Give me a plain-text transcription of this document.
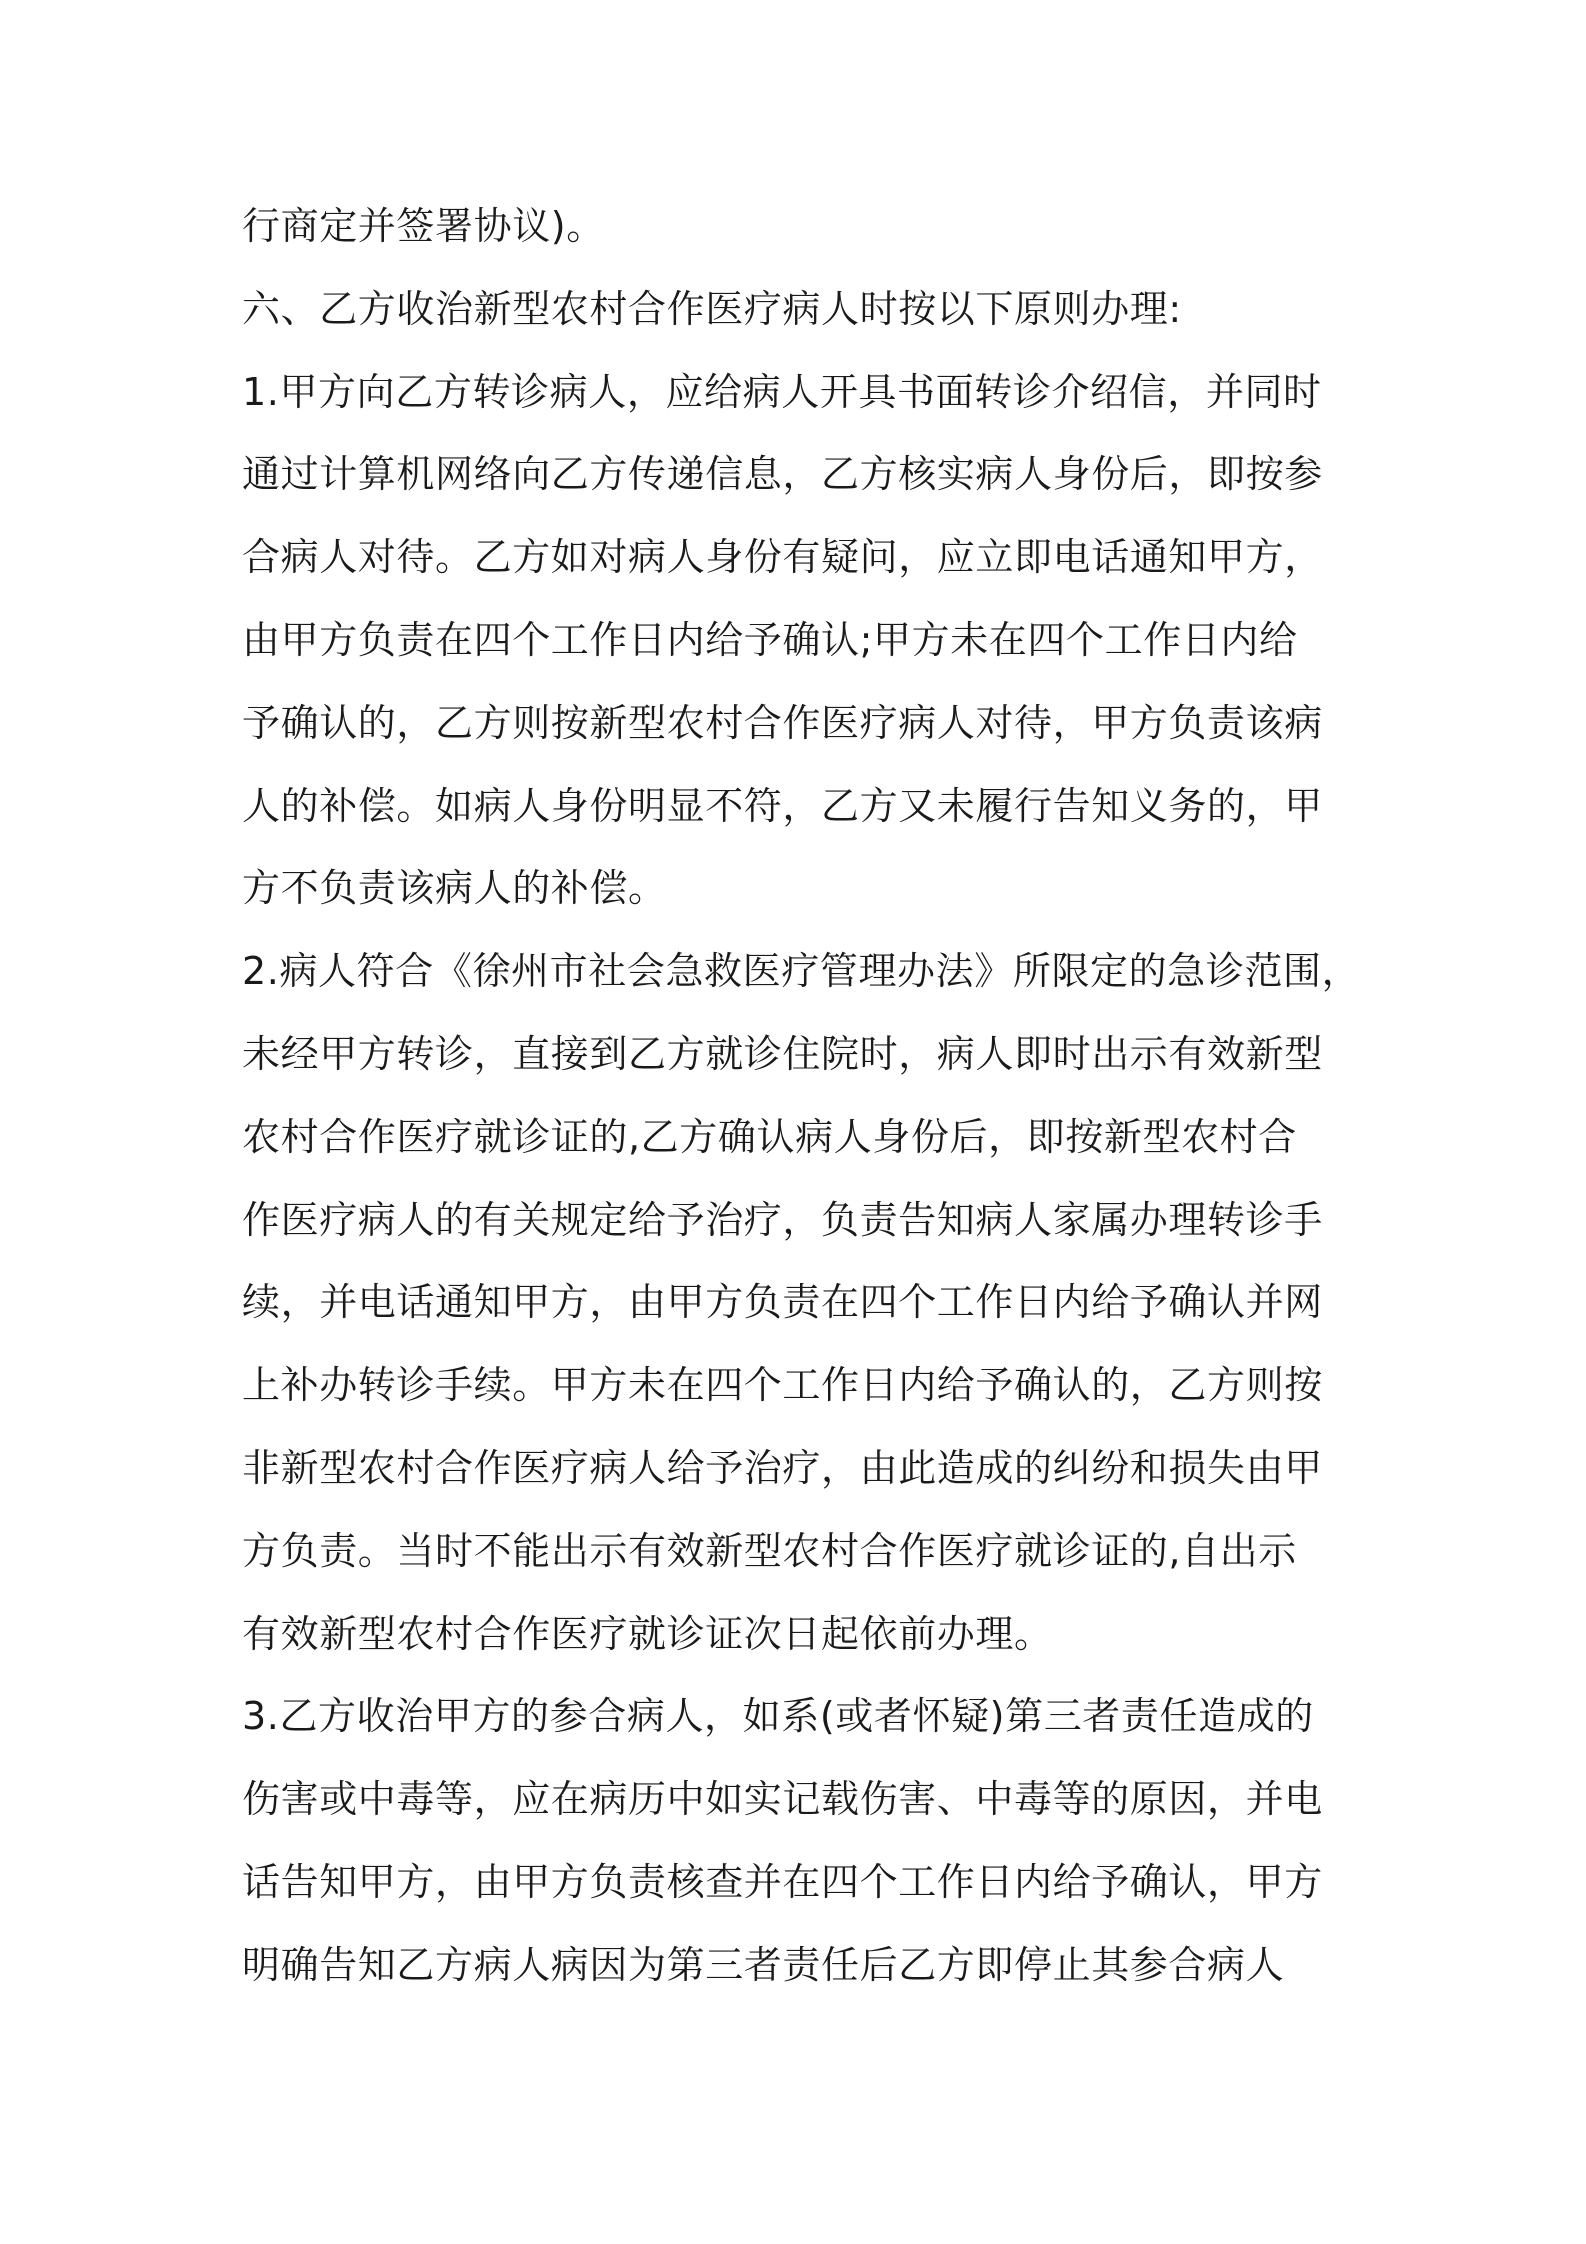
行商定并签署协议)。
六、乙方收治新型农村合作医疗病人时按以下原则办理:
1.甲方向乙方转诊病人，应给病人开具书面转诊介绍信，并同时
通过计算机网络向乙方传递信息，乙方核实病人身份后，即按参
合病人对待。乙方如对病人身份有疑问，应立即电话通知甲方，
由甲方负责在四个工作日内给予确认;甲方未在四个工作日内给
予确认的，乙方则按新型农村合作医疗病人对待，甲方负责该病
人的补偿。如病人身份明显不符，乙方又未履行告知义务的，甲
方不负责该病人的补偿。
2.病人符合《徐州市社会急救医疗管理办法》所限定的急诊范围，
未经甲方转诊，直接到乙方就诊住院时，病人即时出示有效新型
农村合作医疗就诊证的,乙方确认病人身份后，即按新型农村合
作医疗病人的有关规定给予治疗，负责告知病人家属办理转诊手
续，并电话通知甲方，由甲方负责在四个工作日内给予确认并网
上补办转诊手续。甲方未在四个工作日内给予确认的，乙方则按
非新型农村合作医疗病人给予治疗，由此造成的纠纷和损失由甲
方负责。当时不能出示有效新型农村合作医疗就诊证的,自出示
有效新型农村合作医疗就诊证次日起依前办理。
3.乙方收治甲方的参合病人，如系(或者怀疑)第三者责任造成的
伤害或中毒等，应在病历中如实记载伤害、中毒等的原因，并电
话告知甲方，由甲方负责核查并在四个工作日内给予确认，甲方
明确告知乙方病人病因为第三者责任后乙方即停止其参合病人
